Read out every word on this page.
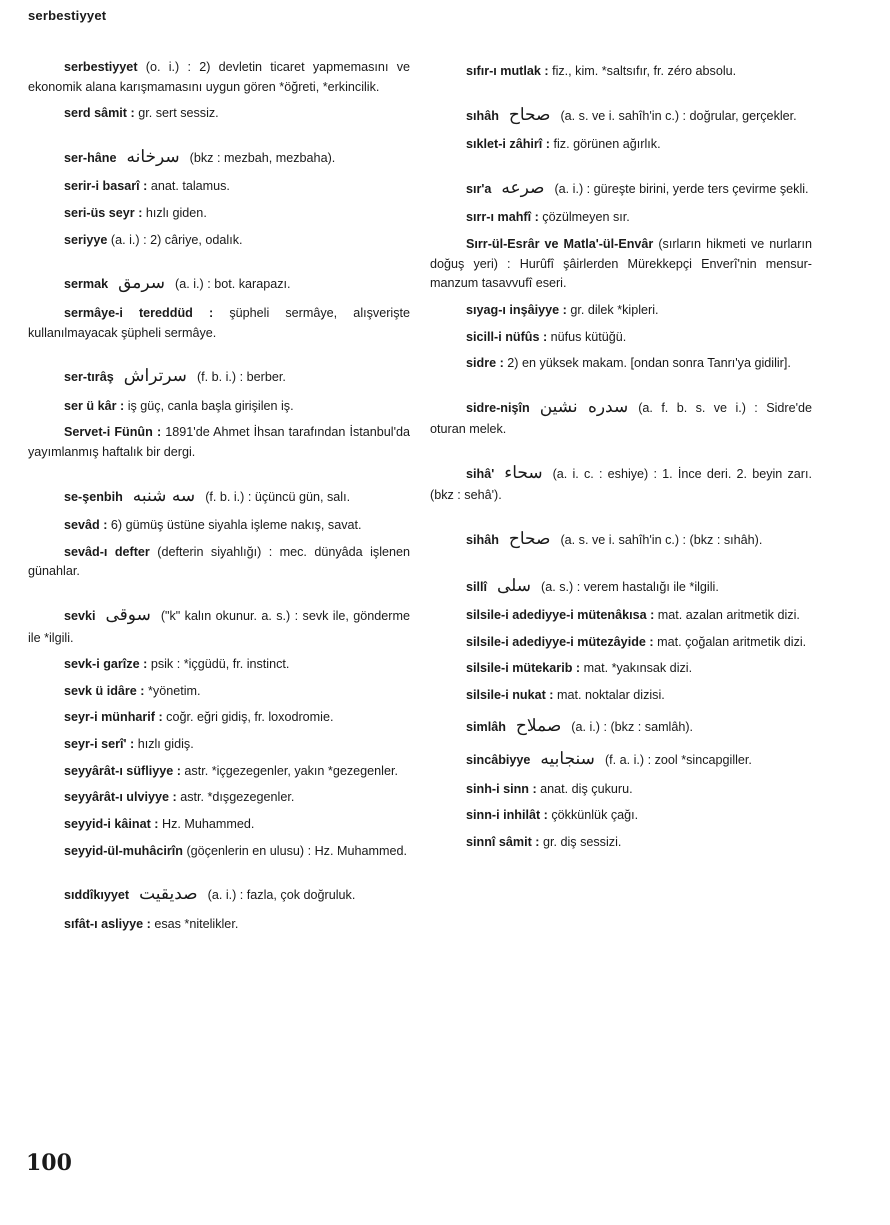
serbestiyyet

serbestiyyet (o. i.) : 2) devletin ticaret yapmemasını ve ekonomik alana karışmamasını uygun gören *öğreti, *erkincilik.

serd sâmit : gr. sert sessiz.

ser-hâne سرخانه (bkz : mezbah, mezbaha).

serir-i basarî : anat. talamus.

seri-üs seyr : hızlı giden.

seriyye (a. i.) : 2) câriye, odalık.

sermak سرمق (a. i.) : bot. karapazı.

sermâye-i tereddüd : şüpheli sermâye, alışverişte kullanılmayacak şüpheli sermâye.

ser-tırâş سرتراش (f. b. i.) : berber.

ser ü kâr : iş güç, canla başla girişilen iş.

Servet-i Fünûn : 1891'de Ahmet İhsan tarafından İstanbul'da yayımlanmış haftalık bir dergi.

se-şenbih سه شنبه (f. b. i.) : üçüncü gün, salı.

sevâd : 6) gümüş üstüne siyahla işleme nakış, savat.

sevâd-ı defter (defterin siyahlığı) : mec. dünyâda işlenen günahlar.

sevki سوقى ("k" kalın okunur. a. s.) : sevk ile, gönderme ile *ilgili.

sevk-i garîze : psik : *içgüdü, fr. instinct.

sevk ü idâre : *yönetim.

seyr-i münharif : coğr. eğri gidiş, fr. loxodromie.

seyr-i serî' : hızlı gidiş.

seyyârât-ı süfliyye : astr. *içgezegenler, yakın *gezegenler.

seyyârât-ı ulviyye : astr. *dışgezegenler.

seyyid-i kâinat : Hz. Muhammed.

seyyid-ül-muhâcirîn (göçenlerin en ulusu) : Hz. Muhammed.

sıddîkıyyet صديقيت (a. i.) : fazla, çok doğruluk.

sıfât-ı asliyye : esas *nitelikler.

sıfır-ı mutlak : fiz., kim. *saltsıfır, fr. zéro absolu.

sıhâh صحاح (a. s. ve i. sahîh'in c.) : doğrular, gerçekler.

sıklet-i zâhirî : fiz. görünen ağırlık.

sır'a صرعه (a. i.) : güreşte birini, yerde ters çevirme şekli.

sırr-ı mahfî : çözülmeyen sır.

Sırr-ül-Esrâr ve Matla'-ül-Envâr (sırların hikmeti ve nurların doğuş yeri) : Hurûfî şâirlerden Mürekkepçi Enverî'nin mensur-manzum tasavvufî eseri.

sıyag-ı inşâiyye : gr. dilek *kipleri.

sicill-i nüfûs : nüfus kütüğü.

sidre : 2) en yüksek makam. [ondan sonra Tanrı'ya gidilir].

sidre-nişîn سدره نشين (a. f. b. s. ve i.) : Sidre'de oturan melek.

sihâ' سحاء (a. i. c. : eshiye) : 1. İnce deri. 2. beyin zarı. (bkz : sehâ').

sihâh صحاح (a. s. ve i. sahîh'in c.) : (bkz : sıhâh).

sillî سلى (a. s.) : verem hastalığı ile *ilgili.

silsile-i adediyye-i mütenâkısa : mat. azalan aritmetik dizi.

silsile-i adediyye-i mütezâyide : mat. çoğalan aritmetik dizi.

silsile-i mütekarib : mat. *yakınsak dizi.

silsile-i nukat : mat. noktalar dizisi.

simlâh صملاح (a. i.) : (bkz : samlâh).

sincâbiyye سنجابيه (f. a. i.) : zool *sincapgiller.

sinh-i sinn : anat. diş çukuru.

sinn-i inhilât : çökkünlük çağı.

sinnî sâmit : gr. diş sessizi.

100
